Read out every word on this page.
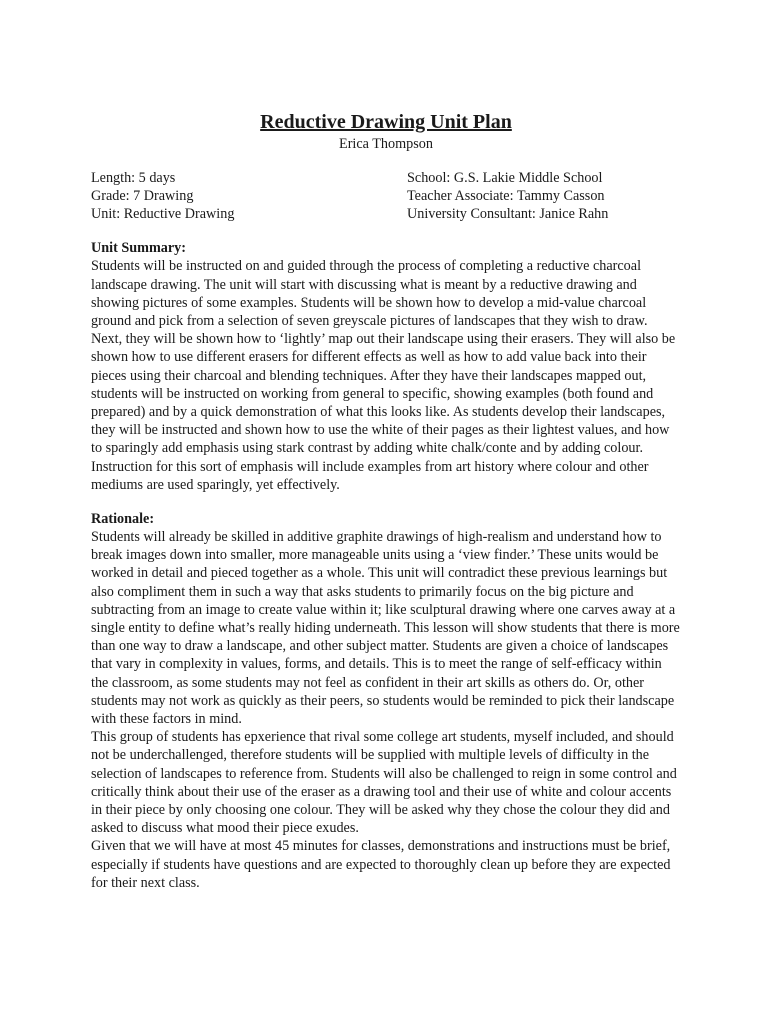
Reductive Drawing Unit Plan

Erica Thompson

Length: 5 days
Grade: 7 Drawing
Unit: Reductive Drawing
School: G.S. Lakie Middle School
Teacher Associate: Tammy Casson
University Consultant: Janice Rahn
Unit Summary:

Students will be instructed on and guided through the process of completing a reductive charcoal landscape drawing. The unit will start with discussing what is meant by a reductive drawing and showing pictures of some examples. Students will be shown how to develop a mid-value charcoal ground and pick from a selection of seven greyscale pictures of landscapes that they wish to draw. Next, they will be shown how to ‘lightly’ map out their landscape using their erasers. They will also be shown how to use different erasers for different effects as well as how to add value back into their pieces using their charcoal and blending techniques. After they have their landscapes mapped out, students will be instructed on working from general to specific, showing examples (both found and prepared) and by a quick demonstration of what this looks like. As students develop their landscapes, they will be instructed and shown how to use the white of their pages as their lightest values, and how to sparingly add emphasis using stark contrast by adding white chalk/conte and by adding colour. Instruction for this sort of emphasis will include examples from art history where colour and other mediums are used sparingly, yet effectively.

Rationale:

Students will already be skilled in additive graphite drawings of high-realism and understand how to break images down into smaller, more manageable units using a ‘view finder.’ These units would be worked in detail and pieced together as a whole. This unit will contradict these previous learnings but also compliment them in such a way that asks students to primarily focus on the big picture and subtracting from an image to create value within it; like sculptural drawing where one carves away at a single entity to define what’s really hiding underneath. This lesson will show students that there is more than one way to draw a landscape, and other subject matter. Students are given a choice of landscapes that vary in complexity in values, forms, and details. This is to meet the range of self-efficacy within the classroom, as some students may not feel as confident in their art skills as others do. Or, other students may not work as quickly as their peers, so students would be reminded to pick their landscape with these factors in mind.

This group of students has epxerience that rival some college art students, myself included, and should not be underchallenged, therefore students will be supplied with multiple levels of difficulty in the selection of landscapes to reference from. Students will also be challenged to reign in some control and critically think about their use of the eraser as a drawing tool and their use of white and colour accents in their piece by only choosing one colour. They will be asked why they chose the colour they did and asked to discuss what mood their piece exudes.

Given that we will have at most 45 minutes for classes, demonstrations and instructions must be brief, especially if students have questions and are expected to thoroughly clean up before they are expected for their next class.
